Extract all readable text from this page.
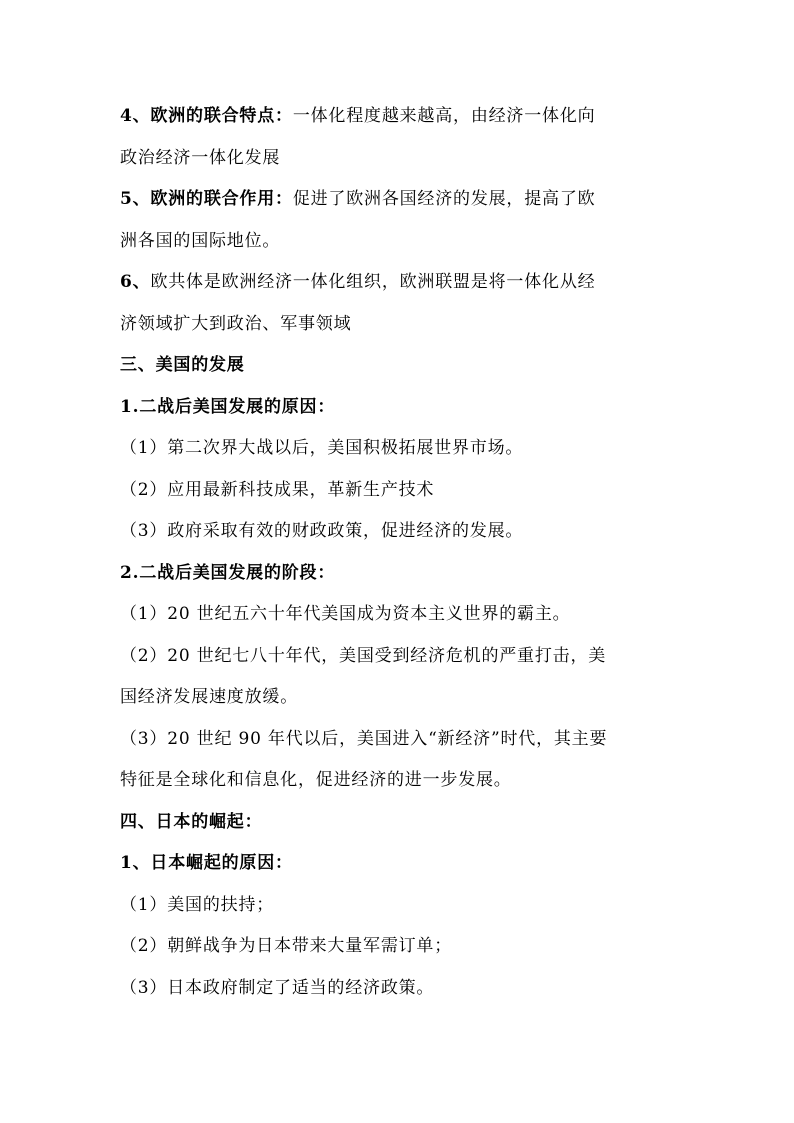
4、欧洲的联合特点： 一体化程度越来越高，由经济一体化向
政治经济一体化发展
5、欧洲的联合作用： 促进了欧洲各国经济的发展，提高了欧
洲各国的国际地位。
6、 欧共体是欧洲经济一体化组织，欧洲联盟是将一体化从经
济领域扩大到政治、军事领域
三、美国的发展
1.二战后美国发展的原因：
（1）第二次界大战以后，美国积极拓展世界市场。
（2）应用最新科技成果，革新生产技术
（3）政府采取有效的财政政策，促进经济的发展。
2.二战后美国发展的阶段：
（1）20 世纪五六十年代美国成为资本主义世界的霸主。
（2）20 世纪七八十年代，美国受到经济危机的严重打击，美
国经济发展速度放缓。
（3）20 世纪 90 年代以后，美国进入“新经济”时代，其主要
特征是全球化和信息化，促进经济的进一步发展。
四、日本的崛起：
1、日本崛起的原因：
（1）美国的扶持；
（2）朝鲜战争为日本带来大量军需订单；
（3）日本政府制定了适当的经济政策。
